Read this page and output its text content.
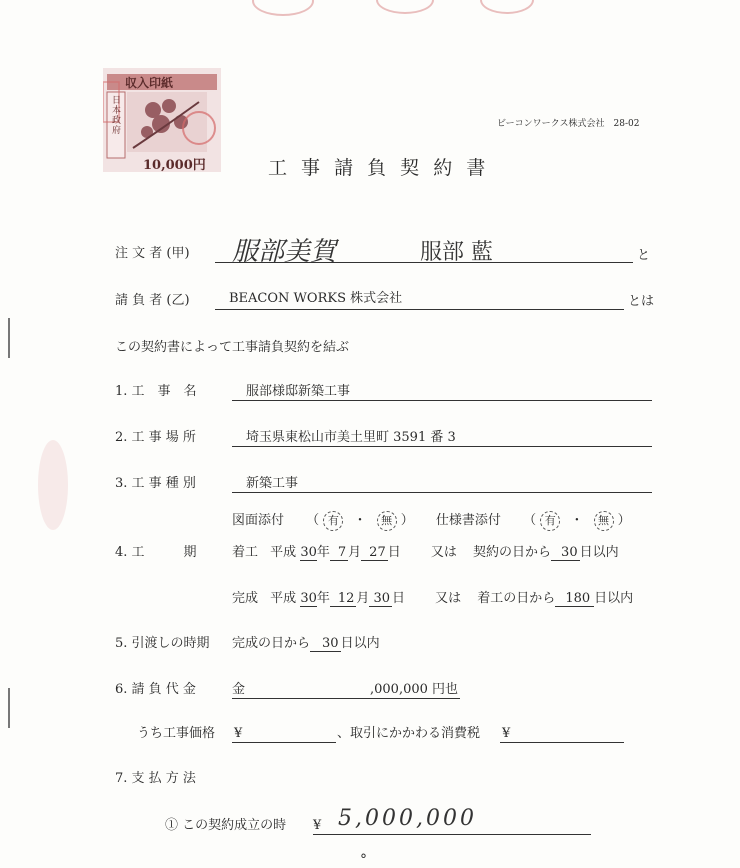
収入印紙
日本政府
10,000円
ビーコンワークス株式会社　28-02
工 事 請 負 契 約 書
注 文 者 (甲) 服部美賀	服部 藍	と
請 負 者 (乙)	BEACON WORKS 株式会社	とは
この契約書によって工事請負契約を結ぶ
1. 工　事　名	服部様邸新築工事
2. 工 事 場 所	埼玉県東松山市美土里町 3591 番 3
3. 工 事 種 別	新築工事
図面添付 （ 有 ・ 無 ） 仕様書添付 （ 有 ・ 無 ）
4. 工　　　期	着工 平成 30年 7 月 27 日 又は 契約の日から 30 日以内
完成 平成 30年 12 月 30 日 又は 着工の日から 180 日以内
5. 引渡しの時期 完成の日から 30 日以内
6. 請 負 代 金	金	,000,000 円也
うち工事価格 ¥	、取引にかかわる消費税 ¥
7. 支 払 方 法
① この契約成立の時 ¥ 5,000,000
°
